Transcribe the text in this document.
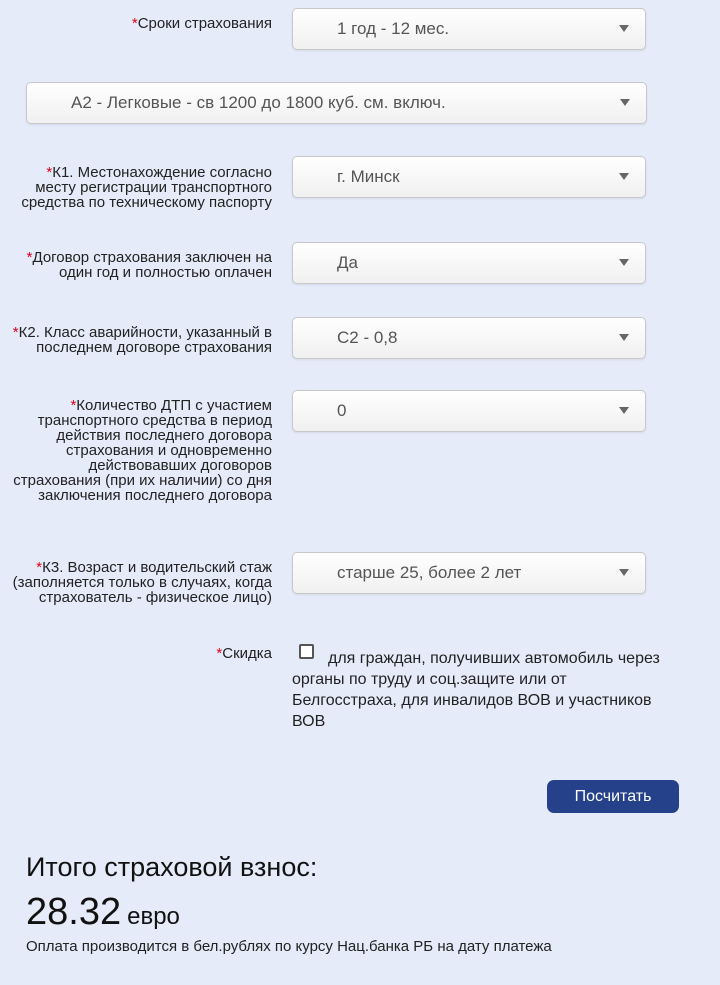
*Сроки страхования	1 год - 12 мес.
А2 - Легковые - св 1200 до 1800 куб. см. включ.
*К1. Местонахождение согласно месту регистрации транспортного средства по техническому паспорту
г. Минск
*Договор страхования заключен на один год и полностью оплачен
Да
*К2. Класс аварийности, указанный в последнем договоре страхования
С2 - 0,8
*Количество ДТП с участием транспортного средства в период действия последнего договора страхования и одновременно действовавших договоров страхования (при их наличии) со дня заключения последнего договора
0
*К3. Возраст и водительский стаж (заполняется только в случаях, когда страхователь - физическое лицо)
старше 25, более 2 лет
*Скидка	для граждан, получивших автомобиль через органы по труду и соц.защите или от Белгосстраха, для инвалидов ВОВ и участников ВОВ
Посчитать
Итого страховой взнос:
28.32 евро
Оплата производится в бел.рублях по курсу Нац.банка РБ на дату платежа
